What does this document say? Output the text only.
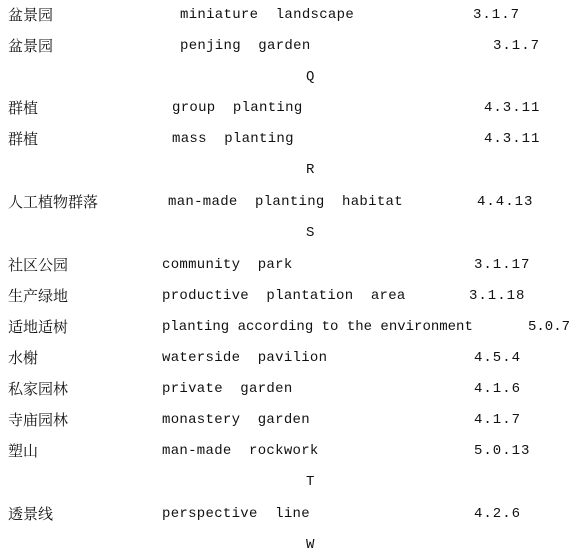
盆景园	miniature  landscape	3.1.7
盆景园	penjing  garden	3.1.7
Q
群植	group  planting	4.3.11
群植	mass  planting	4.3.11
R
人工植物群落	man-made  planting  habitat	4.4.13
S
社区公园	community  park	3.1.17
生产绿地	productive  plantation  area	3.1.18
适地适树	planting according to the environment	5.0.7
水榭	waterside  pavilion	4.5.4
私家园林	private  garden	4.1.6
寺庙园林	monastery  garden	4.1.7
塑山	man-made  rockwork	5.0.13
T
透景线	perspective  line	4.2.6
W
